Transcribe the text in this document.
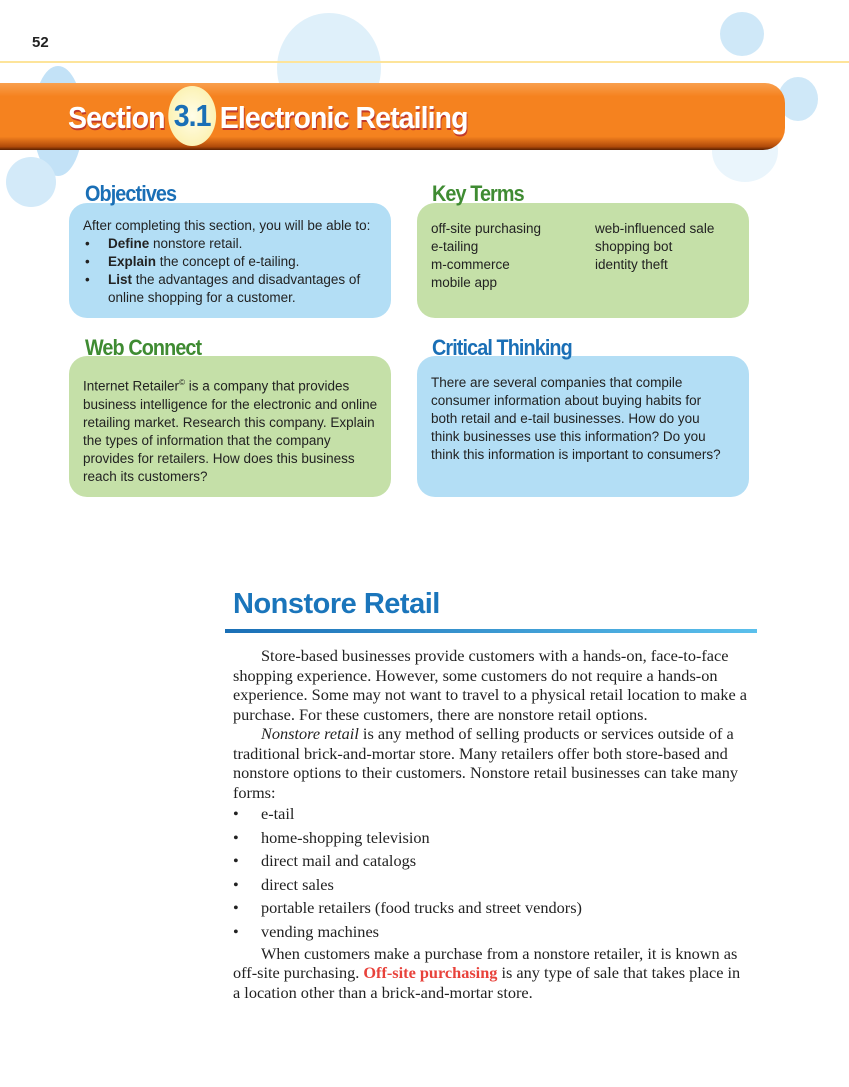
52
Section 3.1 Electronic Retailing
After completing this section, you will be able to:
• Define nonstore retail.
• Explain the concept of e-tailing.
• List the advantages and disadvantages of online shopping for a customer.
Objectives
off-site purchasing
e-tailing
m-commerce
mobile app
web-influenced sale
shopping bot
identity theft
Key Terms
Internet Retailer© is a company that provides business intelligence for the electronic and online retailing market. Research this company. Explain the types of information that the company provides for retailers. How does this business reach its customers?
Web Connect
There are several companies that compile consumer information about buying habits for both retail and e-tail businesses. How do you think businesses use this information? Do you think this information is important to consumers?
Critical Thinking
Nonstore Retail

Store-based businesses provide customers with a hands-on, face-to-face shopping experience. However, some customers do not require a hands-on experience. Some may not want to travel to a physical retail location to make a purchase. For these customers, there are nonstore retail options.

Nonstore retail is any method of selling products or services outside of a traditional brick-and-mortar store. Many retailers offer both store-based and nonstore options to their customers. Nonstore retail businesses can take many forms:

• e-tail
• home-shopping television
• direct mail and catalogs
• direct sales
• portable retailers (food trucks and street vendors)
• vending machines

When customers make a purchase from a nonstore retailer, it is known as off-site purchasing. Off-site purchasing is any type of sale that takes place in a location other than a brick-and-mortar store.
